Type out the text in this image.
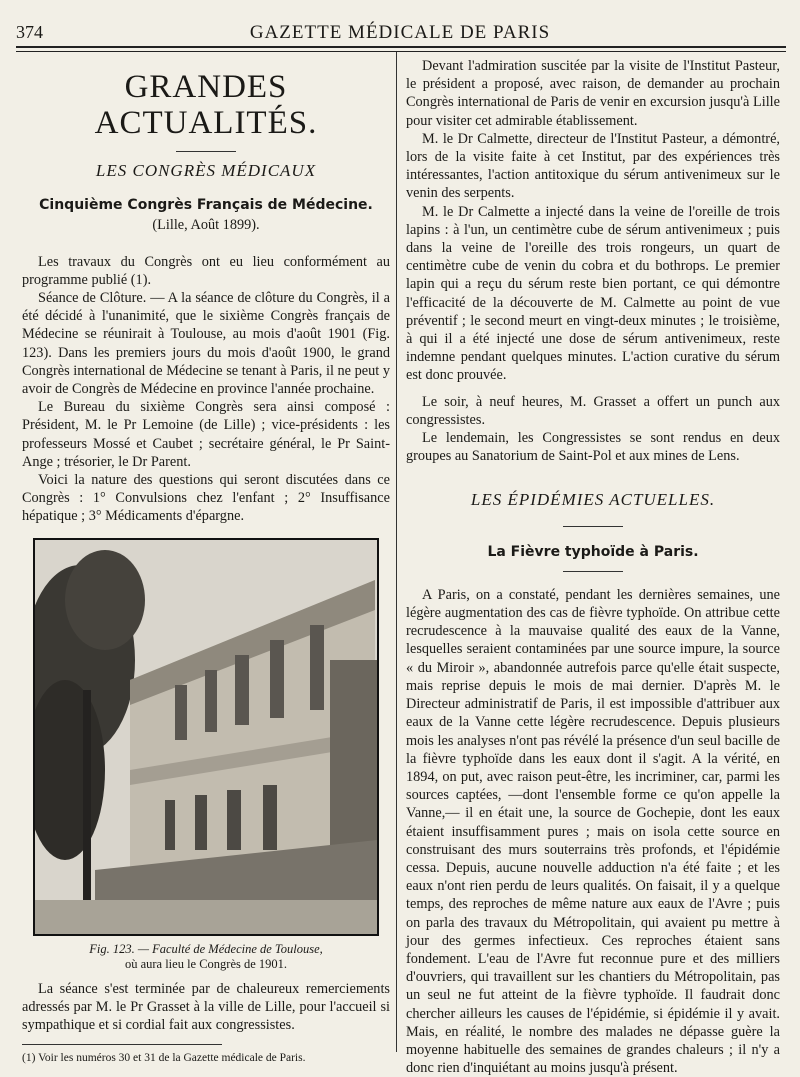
374	GAZETTE MÉDICALE DE PARIS
GRANDES ACTUALITÉS.
LES CONGRÈS MÉDICAUX
Cinquième Congrès Français de Médecine.
(Lille, Août 1899).

Les travaux du Congrès ont eu lieu conformément au programme publié (1).

Séance de Clôture. — A la séance de clôture du Congrès, il a été décidé à l'unanimité, que le sixième Congrès français de Médecine se réunirait à Toulouse, au mois d'août 1901 (Fig. 123). Dans les premiers jours du mois d'août 1900, le grand Congrès international de Médecine se tenant à Paris, il ne peut y avoir de Congrès de Médecine en province l'année prochaine.

Le Bureau du sixième Congrès sera ainsi composé : Président, M. le Pr Lemoine (de Lille) ; vice-présidents : les professeurs Mossé et Caubet ; secrétaire général, le Pr Saint-Ange ; trésorier, le Dr Parent.

Voici la nature des questions qui seront discutées dans ce Congrès : 1° Convulsions chez l'enfant ; 2° Insuffisance hépatique ; 3° Médicaments d'épargne.

Fig. 123. — Faculté de Médecine de Toulouse,
où aura lieu le Congrès de 1901.

La séance s'est terminée par de chaleureux remerciements adressés par M. le Pr Grasset à la ville de Lille, pour l'accueil si sympathique et si cordial fait aux congressistes.

(1) Voir les numéros 30 et 31 de la Gazette médicale de Paris.

Devant l'admiration suscitée par la visite de l'Institut Pasteur, le président a proposé, avec raison, de demander au prochain Congrès international de Paris de venir en excursion jusqu'à Lille pour visiter cet admirable établissement.

M. le Dr Calmette, directeur de l'Institut Pasteur, a démontré, lors de la visite faite à cet Institut, par des expériences très intéressantes, l'action antitoxique du sérum antivenimeux sur le venin des serpents.

M. le Dr Calmette a injecté dans la veine de l'oreille de trois lapins : à l'un, un centimètre cube de sérum antivenimeux ; puis dans la veine de l'oreille des trois rongeurs, un quart de centimètre cube de venin du cobra et du bothrops. Le premier lapin qui a reçu du sérum reste bien portant, ce qui démontre l'efficacité de la découverte de M. Calmette au point de vue préventif ; le second meurt en vingt-deux minutes ; le troisième, à qui il a été injecté une dose de sérum antivenimeux, reste indemne pendant quelques minutes. L'action curative du sérum est donc prouvée.

Le soir, à neuf heures, M. Grasset a offert un punch aux congressistes.

Le lendemain, les Congressistes se sont rendus en deux groupes au Sanatorium de Saint-Pol et aux mines de Lens.

LES ÉPIDÉMIES ACTUELLES.
La Fièvre typhoïde à Paris.

A Paris, on a constaté, pendant les dernières semaines, une légère augmentation des cas de fièvre typhoïde. On attribue cette recrudescence à la mauvaise qualité des eaux de la Vanne, lesquelles seraient contaminées par une source impure, la source « du Miroir », abandonnée autrefois parce qu'elle était suspecte, mais reprise depuis le mois de mai dernier. D'après M. le Directeur administratif de Paris, il est impossible d'attribuer aux eaux de la Vanne cette légère recrudescence. Depuis plusieurs mois les analyses n'ont pas révélé la présence d'un seul bacille de la fièvre typhoïde dans les eaux dont il s'agit. A la vérité, en 1894, on put, avec raison peut-être, les incriminer, car, parmi les sources captées, —dont l'ensemble forme ce qu'on appelle la Vanne,— il en était une, la source de Gochepie, dont les eaux étaient insuffisamment pures ; mais on isola cette source en construisant des murs souterrains très profonds, et l'épidémie cessa. Depuis, aucune nouvelle adduction n'a été faite ; et les eaux n'ont rien perdu de leurs qualités. On faisait, il y a quelque temps, des reproches de même nature aux eaux de l'Avre ; puis on parla des travaux du Métropolitain, qui avaient pu mettre à jour des germes infectieux. Ces reproches étaient sans fondement. L'eau de l'Avre fut reconnue pure et des milliers d'ouvriers, qui travaillent sur les chantiers du Métropolitain, pas un seul ne fut atteint de la fièvre typhoïde. Il faudrait donc chercher ailleurs les causes de l'épidémie, si épidémie il y avait. Mais, en réalité, le nombre des malades ne dépasse guère la moyenne habituelle des semaines de grandes chaleurs ; il n'y a donc rien d'inquiétant au moins jusqu'à présent.
